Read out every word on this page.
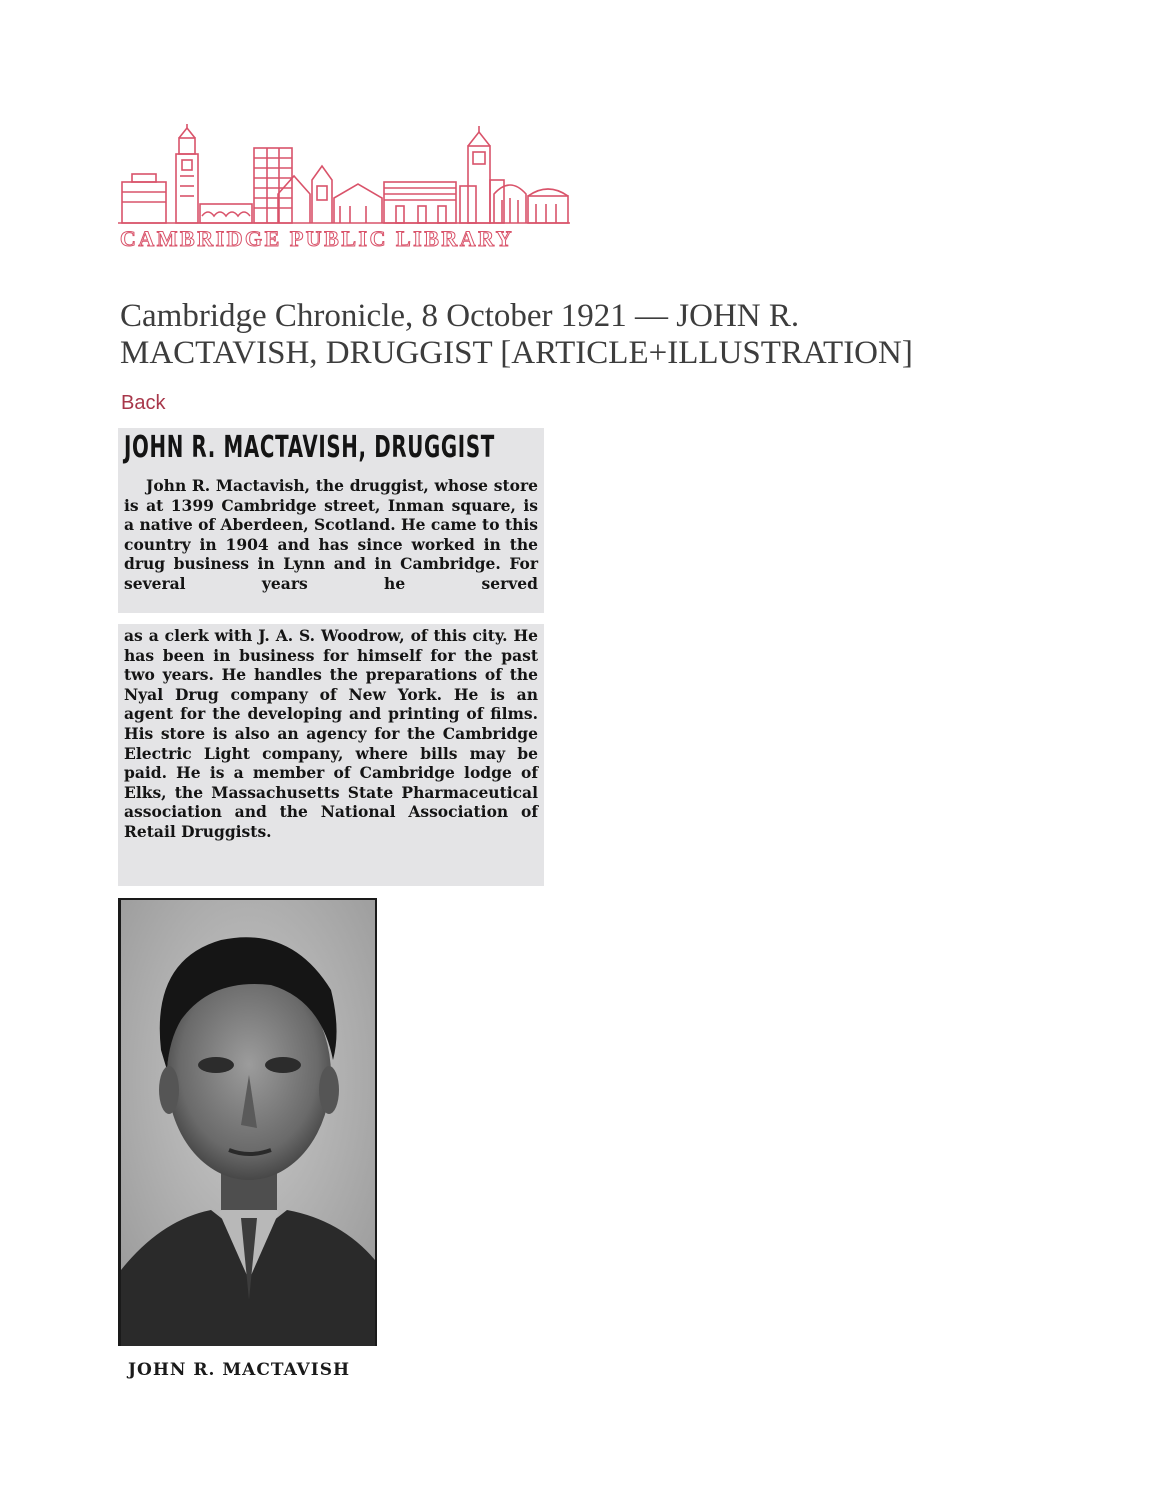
CAMBRIDGE PUBLIC LIBRARY
Cambridge Chronicle, 8 October 1921 — JOHN R. MACTAVISH, DRUGGIST [ARTICLE+ILLUSTRATION]
Back
JOHN R. MACTAVISH, DRUGGIST
John R. Mactavish, the druggist, whose store is at 1399 Cambridge street, Inman square, is a native of Aberdeen, Scotland. He came to this country in 1904 and has since worked in the drug business in Lynn and in Cambridge. For several years he served
as a clerk with J. A. S. Woodrow, of this city. He has been in business for himself for the past two years. He handles the preparations of the Nyal Drug company of New York. He is an agent for the developing and printing of films. His store is also an agency for the Cambridge Electric Light company, where bills may be paid. He is a member of Cambridge lodge of Elks, the Massachusetts State Pharmaceutical association and the National Association of Retail Druggists.
JOHN R. MACTAVISH
